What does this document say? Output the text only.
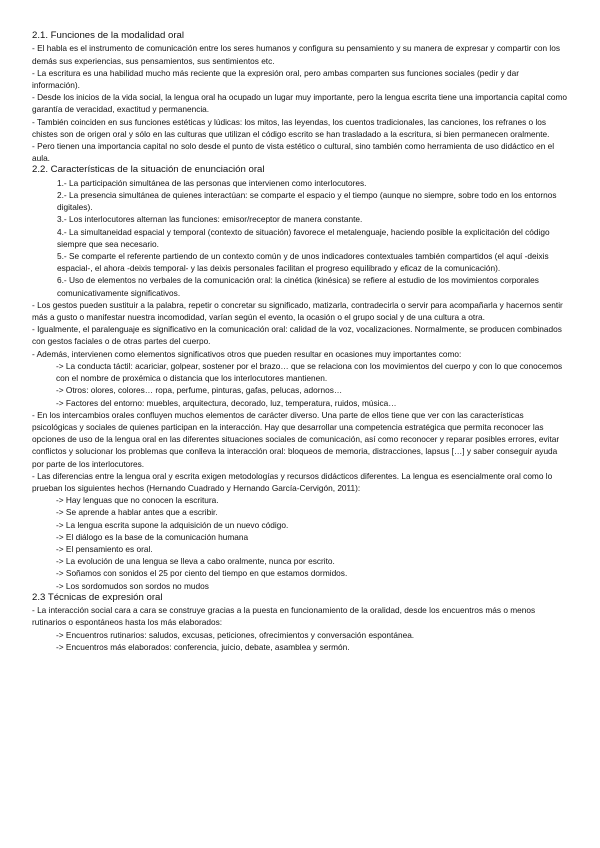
2.1. Funciones de la modalidad oral

- El habla es el instrumento de comunicación entre los seres humanos y configura su pensamiento y su manera de expresar y compartir con los demás sus experiencias, sus pensamientos, sus sentimientos etc.

- La escritura es una habilidad mucho más reciente que la expresión oral, pero ambas comparten sus funciones sociales (pedir y dar información).

- Desde los inicios de la vida social, la lengua oral ha ocupado un lugar muy importante, pero la lengua escrita tiene una importancia capital como garantía de veracidad, exactitud y permanencia.

- También coinciden en sus funciones estéticas y lúdicas: los mitos, las leyendas, los cuentos tradicionales, las canciones, los refranes o los chistes son de origen oral y sólo en las culturas que utilizan el código escrito se han trasladado a la escritura, si bien permanecen oralmente.

- Pero tienen una importancia capital no solo desde el punto de vista estético o cultural, sino también como herramienta de uso didáctico en el aula.

2.2. Características de la situación de enunciación oral

1.- La participación simultánea de las personas que intervienen como interlocutores.

2.- La presencia simultánea de quienes interactúan: se comparte el espacio y el tiempo (aunque no siempre, sobre todo en los entornos digitales).

3.- Los interlocutores alternan las funciones: emisor/receptor de manera constante.

4.- La simultaneidad espacial y temporal (contexto de situación) favorece el metalenguaje, haciendo posible la explicitación del código siempre que sea necesario.

5.- Se comparte el referente partiendo de un contexto común y de unos indicadores contextuales también compartidos (el aquí -deixis espacial-, el ahora -deixis temporal- y las deixis personales facilitan el progreso equilibrado y eficaz de la comunicación).

6.- Uso de elementos no verbales de la comunicación oral: la cinética (kinésica) se refiere al estudio de los movimientos corporales comunicativamente significativos.

- Los gestos pueden sustituir a la palabra, repetir o concretar su significado, matizarla, contradecirla o servir para acompañarla y hacernos sentir más a gusto o manifestar nuestra incomodidad, varían según el evento, la ocasión o el grupo social y de una cultura a otra.

- Igualmente, el paralenguaje es significativo en la comunicación oral: calidad de la voz, vocalizaciones. Normalmente, se producen combinados con gestos faciales o de otras partes del cuerpo.

- Además, intervienen como elementos significativos otros que pueden resultar en ocasiones muy importantes como:

-> La conducta táctil: acariciar, golpear, sostener por el brazo… que se relaciona con los movimientos del cuerpo y con lo que conocemos con el nombre de proxémica o distancia que los interlocutores mantienen.

-> Otros: olores, colores… ropa, perfume, pinturas, gafas, pelucas, adornos…

-> Factores del entorno: muebles, arquitectura, decorado, luz, temperatura, ruidos, música…

- En los intercambios orales confluyen muchos elementos de carácter diverso. Una parte de ellos tiene que ver con las características psicológicas y sociales de quienes participan en la interacción. Hay que desarrollar una competencia estratégica que permita reconocer las opciones de uso de la lengua oral en las diferentes situaciones sociales de comunicación, así como reconocer y reparar posibles errores, evitar conflictos y solucionar los problemas que conlleva la interacción oral: bloqueos de memoria, distracciones, lapsus […] y saber conseguir ayuda por parte de los interlocutores.

- Las diferencias entre la lengua oral y escrita exigen metodologías y recursos didácticos diferentes. La lengua es esencialmente oral como lo prueban los siguientes hechos (Hernando Cuadrado y Hernando García-Cervigón, 2011):

-> Hay lenguas que no conocen la escritura.

-> Se aprende a hablar antes que a escribir.

-> La lengua escrita supone la adquisición de un nuevo código.

-> El diálogo es la base de la comunicación humana

-> El pensamiento es oral.

-> La evolución de una lengua se lleva a cabo oralmente, nunca por escrito.

-> Soñamos con sonidos el 25 por ciento del tiempo en que estamos dormidos.

-> Los sordomudos son sordos no mudos

2.3 Técnicas de expresión oral

- La interacción social cara a cara se construye gracias a la puesta en funcionamiento de la oralidad, desde los encuentros más o menos rutinarios o espontáneos hasta los más elaborados:

-> Encuentros rutinarios: saludos, excusas, peticiones, ofrecimientos y conversación espontánea.

-> Encuentros más elaborados: conferencia, juicio, debate, asamblea y sermón.
